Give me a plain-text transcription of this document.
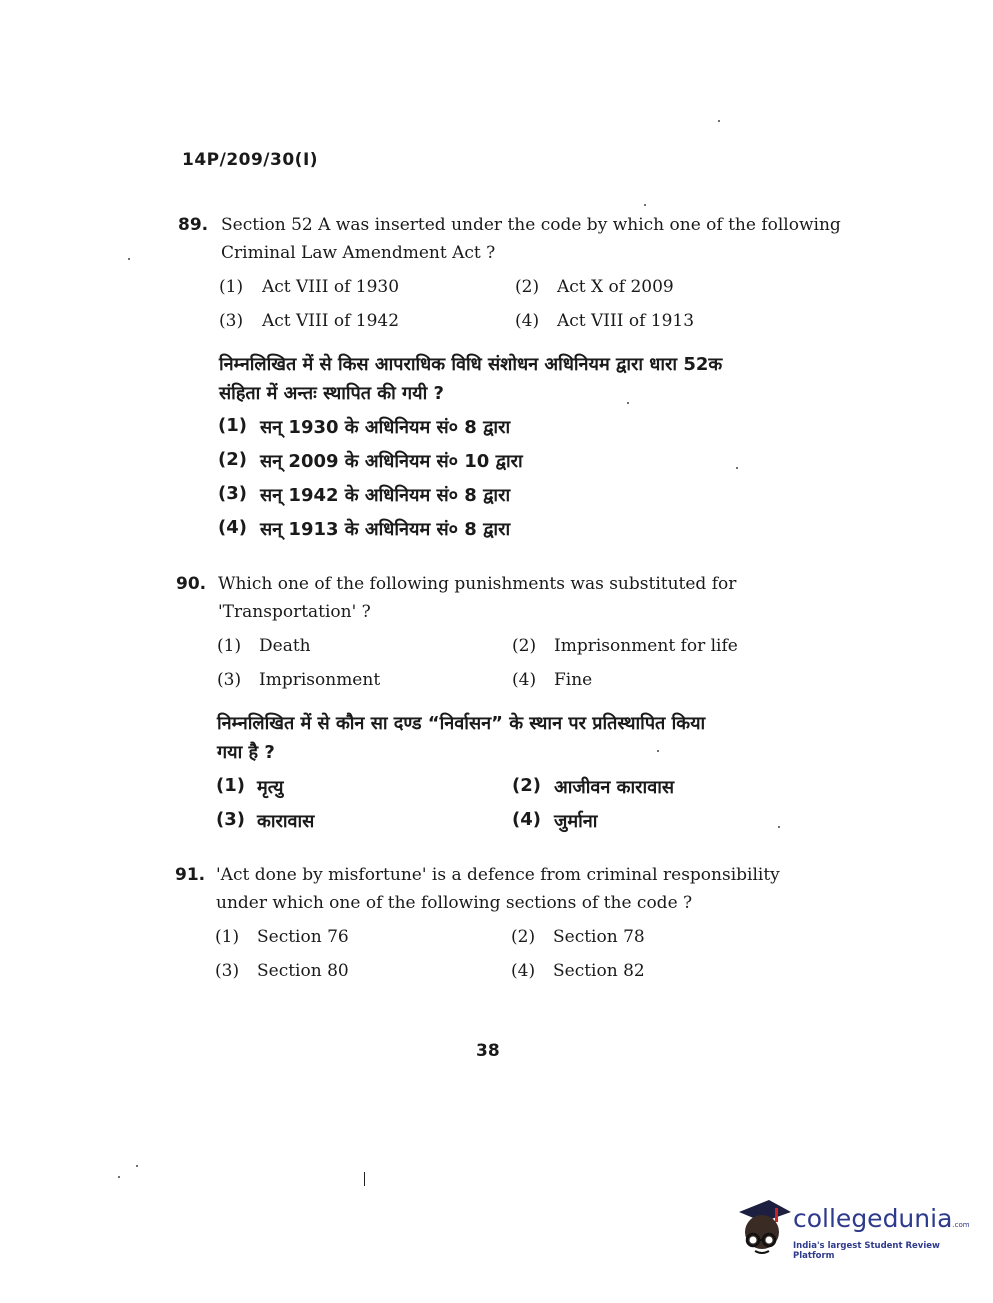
14P/209/30(I)
89. Section 52 A was inserted under the code by which one of the following
Criminal Law Amendment Act ?
(1) Act VIII of 1930	(2) Act X of 2009
(3) Act VIII of 1942	(4) Act VIII of 1913
निम्नलिखित में से किस आपराधिक विधि संशोधन अधिनियम द्वारा धारा 52क
संहिता में अन्तः स्थापित की गयी ?
(1) सन् 1930 के अधिनियम सं० 8 द्वारा
(2) सन् 2009 के अधिनियम सं० 10 द्वारा
(3) सन् 1942 के अधिनियम सं० 8 द्वारा
(4) सन् 1913 के अधिनियम सं० 8 द्वारा
90. Which one of the following punishments was substituted for
'Transportation' ?
(1) Death	(2) Imprisonment for life
(3) Imprisonment	(4) Fine
निम्नलिखित में से कौन सा दण्ड “निर्वासन” के स्थान पर प्रतिस्थापित किया
गया है ?
(1) मृत्यु	(2) आजीवन कारावास
(3) कारावास	(4) जुर्माना
91. 'Act done by misfortune' is a defence from criminal responsibility
under which one of the following sections of the code ?
(1) Section 76	(2) Section 78
(3) Section 80	(4) Section 82
38
collegedunia.com
India's largest Student Review Platform
